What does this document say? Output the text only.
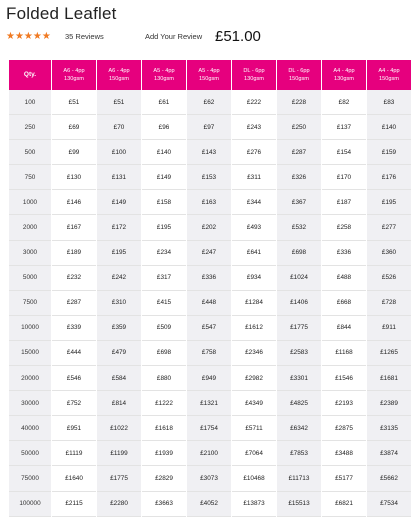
Folded Leaflet
★★★★★	35 Reviews	Add Your Review £51.00
Qty.	A6 - 4pp 130gsm	A6 - 4pp 150gsm	A5 - 4pp 130gsm	A5 - 4pp 150gsm	DL - 6pp 130gsm	DL - 6pp 150gsm	A4 - 4pp 130gsm	A4 - 4pp 150gsm
100	£51	£51	£61	£62	£222	£228	£82	£83
250	£69	£70	£96	£97	£243	£250	£137	£140
500	£99	£100	£140	£143	£276	£287	£154	£159
750	£130	£131	£149	£153	£311	£326	£170	£176
1000	£146	£149	£158	£163	£344	£367	£187	£195
2000	£167	£172	£195	£202	£493	£532	£258	£277
3000	£189	£195	£234	£247	£641	£698	£336	£360
5000	£232	£242	£317	£336	£934	£1024	£488	£526
7500	£287	£310	£415	£448	£1284	£1406	£668	£728
10000	£339	£359	£509	£547	£1612	£1775	£844	£911
15000	£444	£479	£698	£758	£2346	£2583	£1168	£1265
20000	£546	£584	£880	£949	£2982	£3301	£1546	£1681
30000	£752	£814	£1222	£1321	£4349	£4825	£2193	£2389
40000	£951	£1022	£1618	£1754	£5711	£6342	£2875	£3135
50000	£1119	£1199	£1939	£2100	£7064	£7853	£3488	£3874
75000	£1640	£1775	£2829	£3073	£10468	£11713	£5177	£5662
100000	£2115	£2280	£3663	£4052	£13873	£15513	£6821	£7534
